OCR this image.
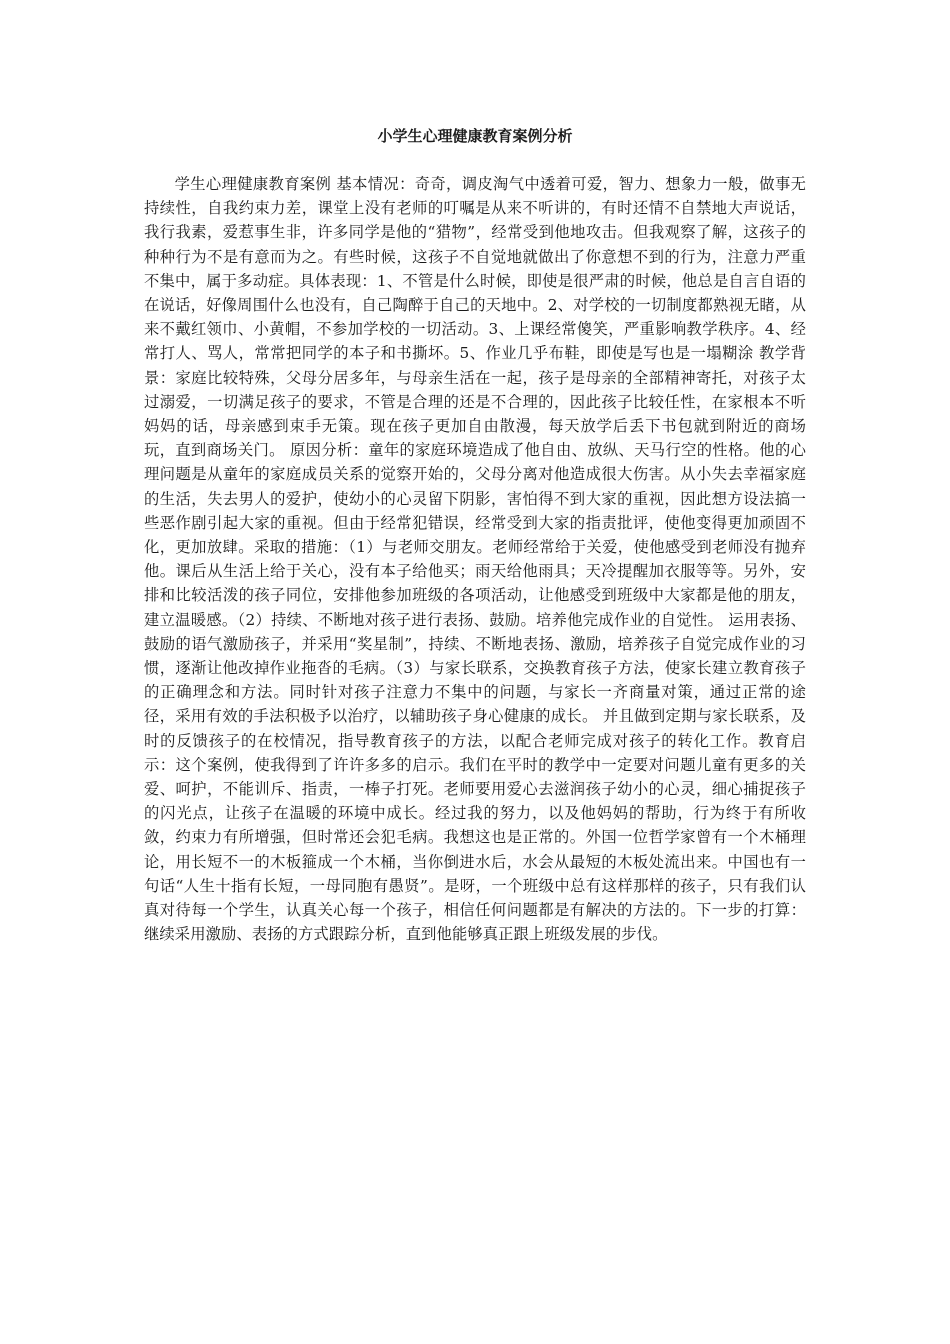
小学生心理健康教育案例分析

学生心理健康教育案例 基本情况：奇奇，调皮淘气中透着可爱，智力、想象力一般，做事无持续性，自我约束力差，课堂上没有老师的叮嘱是从来不听讲的，有时还情不自禁地大声说话，我行我素，爱惹事生非，许多同学是他的“猎物”，经常受到他地攻击。但我观察了解，这孩子的种种行为不是有意而为之。有些时候，这孩子不自觉地就做出了你意想不到的行为，注意力严重不集中，属于多动症。具体表现：1、不管是什么时候，即使是很严肃的时候，他总是自言自语的在说话，好像周围什么也没有，自己陶醉于自己的天地中。2、对学校的一切制度都熟视无睹，从来不戴红领巾、小黄帽，不参加学校的一切活动。3、上课经常傻笑，严重影响教学秩序。4、经常打人、骂人，常常把同学的本子和书撕坏。5、作业几乎布鞋，即使是写也是一塌糊涂 教学背景：家庭比较特殊，父母分居多年，与母亲生活在一起，孩子是母亲的全部精神寄托，对孩子太过溺爱，一切满足孩子的要求，不管是合理的还是不合理的，因此孩子比较任性，在家根本不听妈妈的话，母亲感到束手无策。现在孩子更加自由散漫，每天放学后丢下书包就到附近的商场玩，直到商场关门。 原因分析：童年的家庭环境造成了他自由、放纵、天马行空的性格。他的心理问题是从童年的家庭成员关系的觉察开始的，父母分离对他造成很大伤害。从小失去幸福家庭的生活，失去男人的爱护，使幼小的心灵留下阴影，害怕得不到大家的重视，因此想方设法搞一些恶作剧引起大家的重视。但由于经常犯错误，经常受到大家的指责批评，使他变得更加顽固不化，更加放肆。采取的措施：（1）与老师交朋友。老师经常给于关爱，使他感受到老师没有抛弃他。课后从生活上给于关心，没有本子给他买；雨天给他雨具；天冷提醒加衣服等等。另外，安排和比较活泼的孩子同位，安排他参加班级的各项活动，让他感受到班级中大家都是他的朋友，建立温暖感。（2）持续、不断地对孩子进行表扬、鼓励。培养他完成作业的自觉性。 运用表扬、鼓励的语气激励孩子，并采用“奖星制”，持续、不断地表扬、激励，培养孩子自觉完成作业的习惯，逐渐让他改掉作业拖沓的毛病。（3）与家长联系，交换教育孩子方法，使家长建立教育孩子的正确理念和方法。同时针对孩子注意力不集中的问题，与家长一齐商量对策，通过正常的途径，采用有效的手法积极予以治疗，以辅助孩子身心健康的成长。 并且做到定期与家长联系，及时的反馈孩子的在校情况，指导教育孩子的方法，以配合老师完成对孩子的转化工作。教育启示：这个案例，使我得到了许许多多的启示。我们在平时的教学中一定要对问题儿童有更多的关爱、呵护，不能训斥、指责，一棒子打死。老师要用爱心去滋润孩子幼小的心灵，细心捕捉孩子的闪光点，让孩子在温暖的环境中成长。经过我的努力，以及他妈妈的帮助，行为终于有所收敛，约束力有所增强，但时常还会犯毛病。我想这也是正常的。外国一位哲学家曾有一个木桶理论，用长短不一的木板箍成一个木桶，当你倒进水后，水会从最短的木板处流出来。中国也有一句话“人生十指有长短，一母同胞有愚贤”。是呀，一个班级中总有这样那样的孩子，只有我们认真对待每一个学生，认真关心每一个孩子，相信任何问题都是有解决的方法的。下一步的打算： 继续采用激励、表扬的方式跟踪分析，直到他能够真正跟上班级发展的步伐。
